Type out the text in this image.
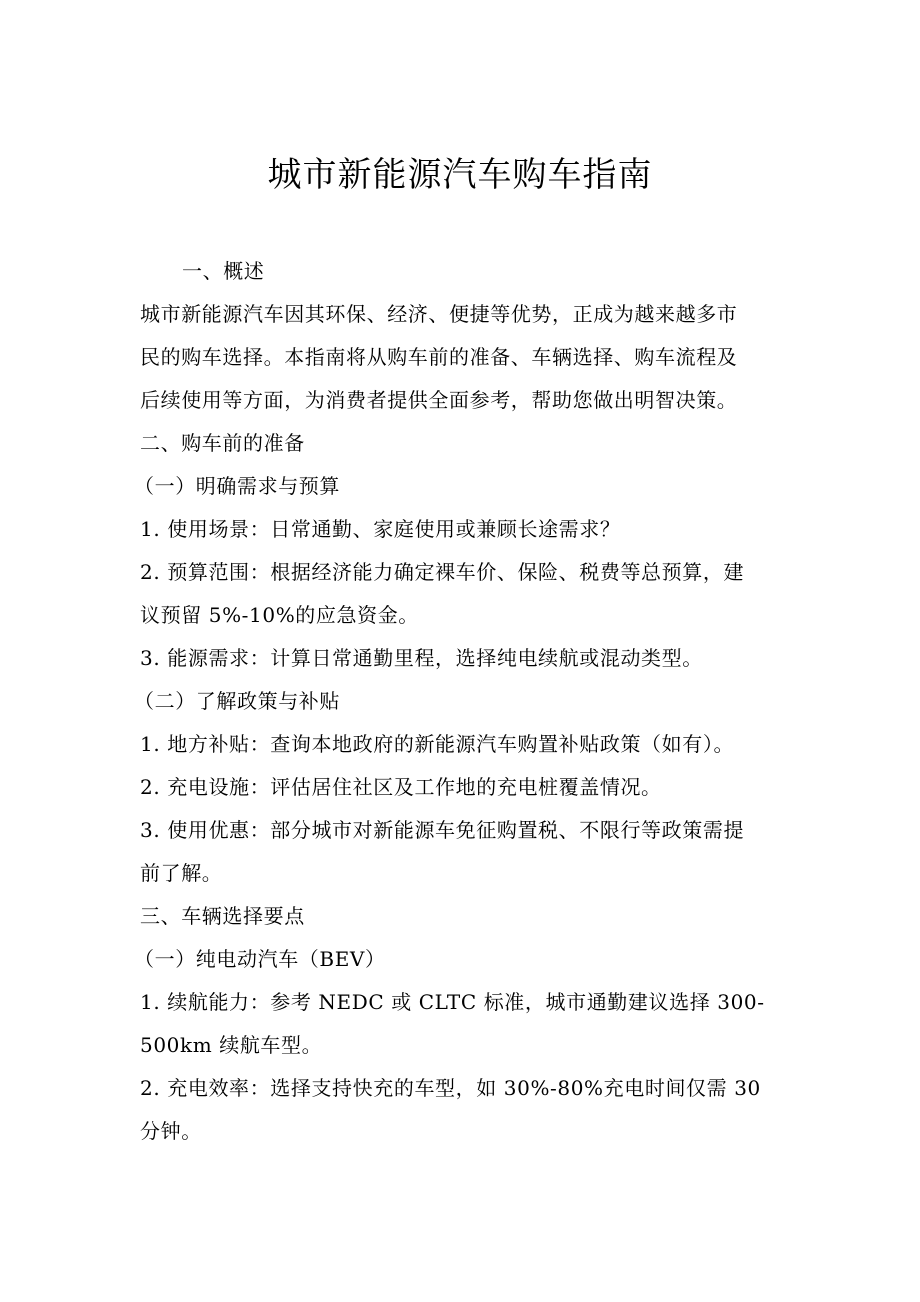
城市新能源汽车购车指南
一、概述
城市新能源汽车因其环保、经济、便捷等优势，正成为越来越多市
民的购车选择。本指南将从购车前的准备、车辆选择、购车流程及
后续使用等方面，为消费者提供全面参考，帮助您做出明智决策。
二、购车前的准备
（一）明确需求与预算
1. 使用场景：日常通勤、家庭使用或兼顾长途需求？
2. 预算范围：根据经济能力确定裸车价、保险、税费等总预算，建
议预留 5%-10%的应急资金。
3. 能源需求：计算日常通勤里程，选择纯电续航或混动类型。
（二）了解政策与补贴
1. 地方补贴：查询本地政府的新能源汽车购置补贴政策（如有）。
2. 充电设施：评估居住社区及工作地的充电桩覆盖情况。
3. 使用优惠：部分城市对新能源车免征购置税、不限行等政策需提
前了解。
三、车辆选择要点
（一）纯电动汽车（BEV）
1. 续航能力：参考 NEDC 或 CLTC 标准，城市通勤建议选择 300-
500km 续航车型。
2. 充电效率：选择支持快充的车型，如 30%-80%充电时间仅需 30
分钟。
